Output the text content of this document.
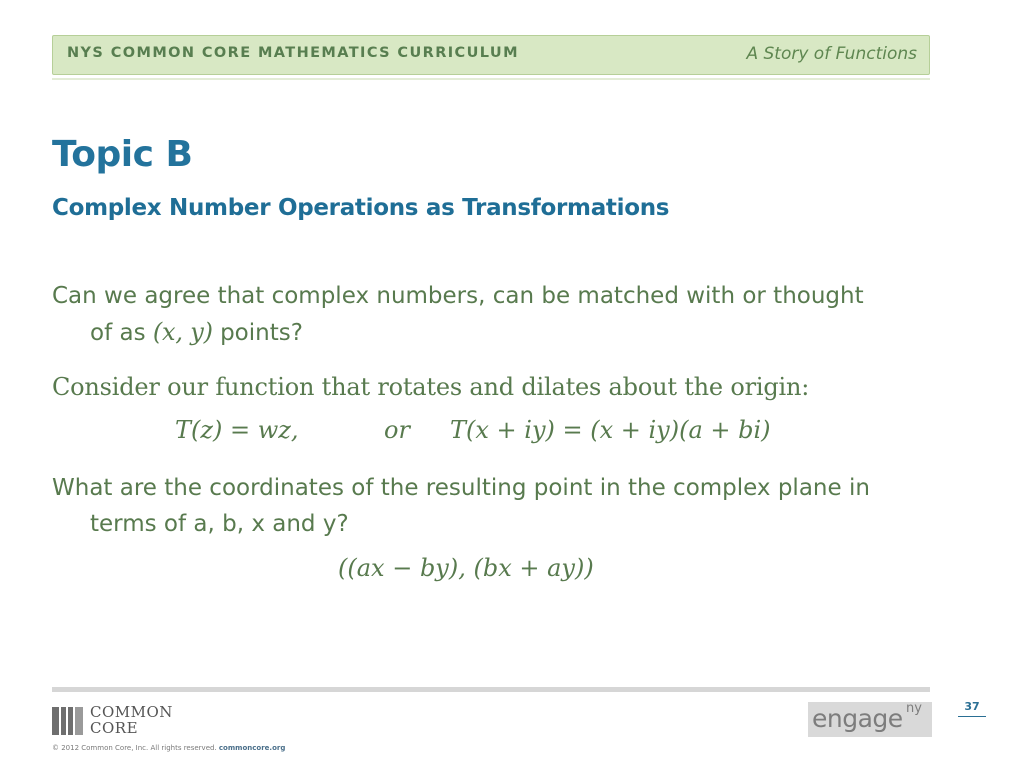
NYS COMMON CORE MATHEMATICS CURRICULUM	A Story of Functions
Topic B
Complex Number Operations as Transformations
Can we agree that complex numbers, can be matched with or thought
of as (x, y) points?
Consider our function that rotates and dilates about the origin:
T(z) = wz,	or T(x + iy) = (x + iy)(a + bi)
What are the coordinates of the resulting point in the complex plane in
terms of a, b, x and y?
((ax − by), (bx + ay))
COMMON
CORE
© 2012 Common Core, Inc. All rights reserved. commoncore.org
engage ny	37
